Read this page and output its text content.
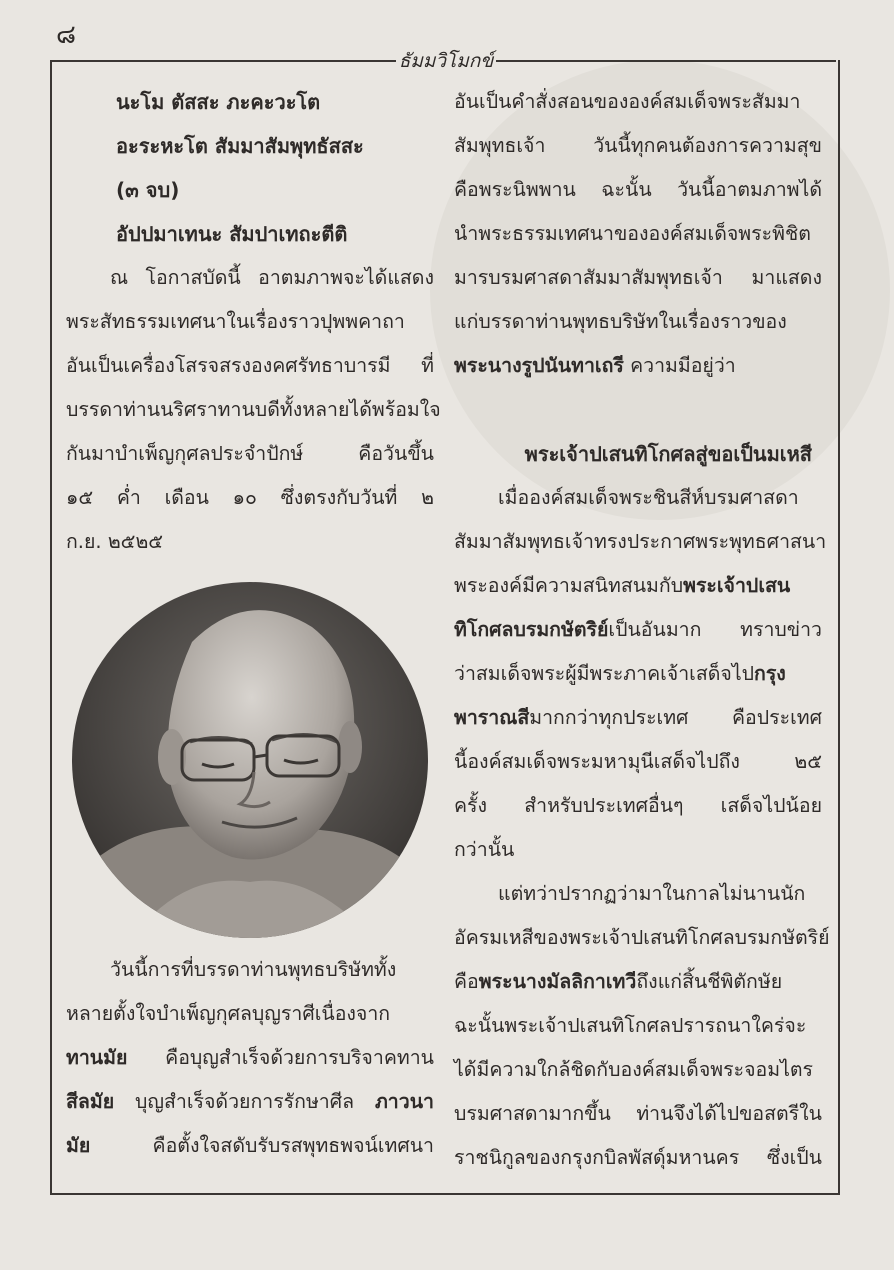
๘
ธัมมวิโมกข์
นะโม ตัสสะ ภะคะวะโต
อะระหะโต สัมมาสัมพุทธัสสะ
(๓ จบ)
อัปปมาเทนะ สัมปาเทถะตีติ
ณ โอกาสบัดนี้ อาตมภาพจะได้แสดง
พระสัทธรรมเทศนาในเรื่องราวปุพพคาถา
อันเป็นเครื่องโสรจสรงองคศรัทธาบารมี ที่
บรรดาท่านนริศราทานบดีทั้งหลายได้พร้อมใจ
กันมาบำเพ็ญกุศลประจำปักษ์ คือวันขึ้น
๑๕ ค่ำ เดือน ๑๐ ซึ่งตรงกับวันที่ ๒
ก.ย. ๒๕๒๕
วันนี้การที่บรรดาท่านพุทธบริษัททั้ง
หลายตั้งใจบำเพ็ญกุศลบุญราศีเนื่องจาก
ทานมัย คือบุญสำเร็จด้วยการบริจาคทาน
สีลมัย บุญสำเร็จด้วยการรักษาศีล ภาวนา
มัย คือตั้งใจสดับรับรสพุทธพจน์เทศนา
อันเป็นคำสั่งสอนขององค์สมเด็จพระสัมมา
สัมพุทธเจ้า วันนี้ทุกคนต้องการความสุข
คือพระนิพพาน ฉะนั้น วันนี้อาตมภาพได้
นำพระธรรมเทศนาขององค์สมเด็จพระพิชิต
มารบรมศาสดาสัมมาสัมพุทธเจ้า มาแสดง
แก่บรรดาท่านพุทธบริษัทในเรื่องราวของ
พระนางรูปนันทาเถรี ความมีอยู่ว่า
พระเจ้าปเสนทิโกศลสู่ขอเป็นมเหสี
เมื่อองค์สมเด็จพระชินสีห์บรมศาสดา
สัมมาสัมพุทธเจ้าทรงประกาศพระพุทธศาสนา
พระองค์มีความสนิทสนมกับพระเจ้าปเสน
ทิโกศลบรมกษัตริย์เป็นอันมาก ทราบข่าว
ว่าสมเด็จพระผู้มีพระภาคเจ้าเสด็จไปกรุง
พาราณสีมากกว่าทุกประเทศ คือประเทศ
นี้องค์สมเด็จพระมหามุนีเสด็จไปถึง ๒๕
ครั้ง สำหรับประเทศอื่นๆ เสด็จไปน้อย
กว่านั้น
แต่ทว่าปรากฏว่ามาในกาลไม่นานนัก
อัครมเหสีของพระเจ้าปเสนทิโกศลบรมกษัตริย์
คือพระนางมัลลิกาเทวีถึงแก่สิ้นชีพิตักษัย
ฉะนั้นพระเจ้าปเสนทิโกศลปรารถนาใคร่จะ
ได้มีความใกล้ชิดกับองค์สมเด็จพระจอมไตร
บรมศาสดามากขึ้น ท่านจึงได้ไปขอสตรีใน
ราชนิกูลของกรุงกบิลพัสดุ์มหานคร ซึ่งเป็น
